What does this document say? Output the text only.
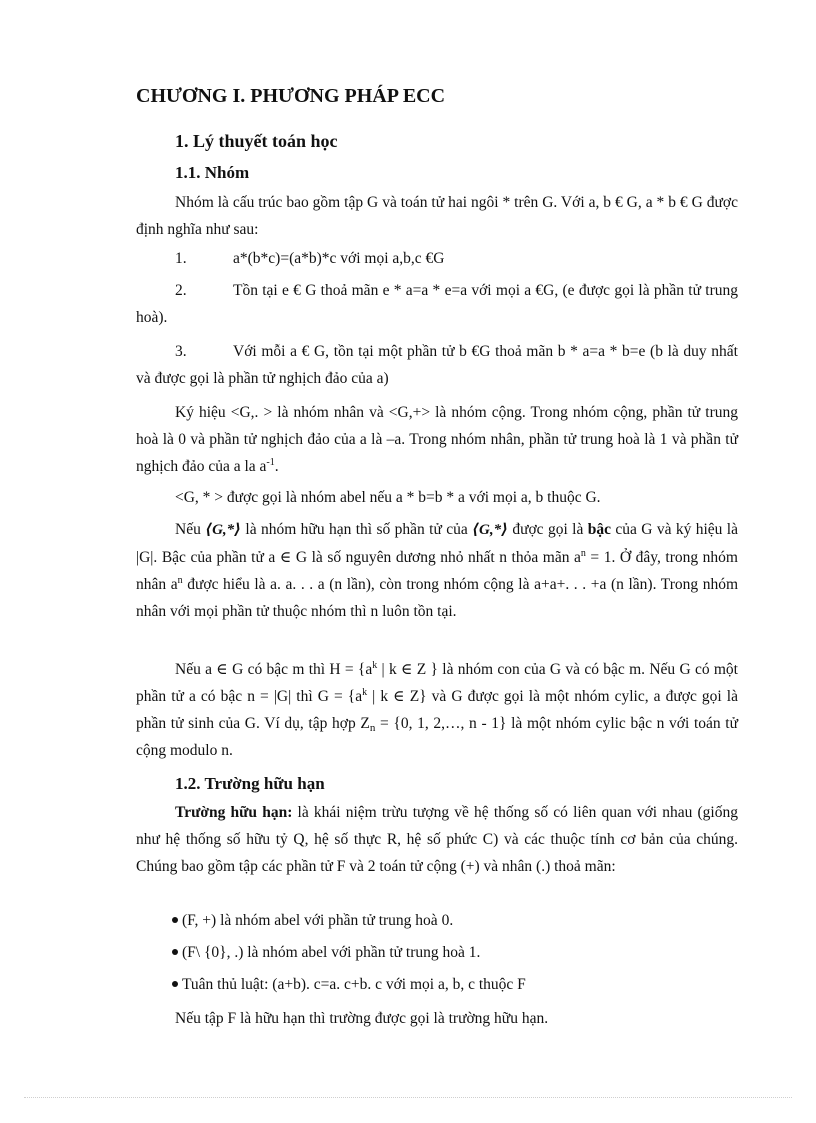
CHƯƠNG I. PHƯƠNG PHÁP ECC
1. Lý thuyết toán học
1.1. Nhóm

Nhóm là cấu trúc bao gồm tập G và toán tử hai ngôi * trên G. Với a, b € G, a * b € G được định nghĩa như sau:

1.	a*(b*c)=(a*b)*c với mọi a,b,c €G

2.	Tồn tại e € G thoả mãn e * a=a * e=a với mọi a €G, (e được gọi là phần tử trung hoà).

3.	Với mỗi a € G, tồn tại một phần tử b €G thoả mãn b * a=a * b=e (b là duy nhất và được gọi là phần tử nghịch đảo của a)

Ký hiệu <G,. > là nhóm nhân và <G,+> là nhóm cộng. Trong nhóm cộng, phần tử trung hoà là 0 và phần tử nghịch đảo của a là –a. Trong nhóm nhân, phần tử trung hoà là 1 và phần tử nghịch đảo của a la $a^{-1}$.

<G, * > được gọi là nhóm abel nếu a * b=b * a với mọi a, b thuộc G.

Nếu ⟨G,*⟩ là nhóm hữu hạn thì số phần tử của ⟨G,*⟩ được gọi là bậc của G và ký hiệu là |G|. Bậc của phần tử a ∈ G là số nguyên dương nhỏ nhất n thỏa mãn $a^n = 1$. Ở đây, trong nhóm nhân $a^n$ được hiểu là a. a. . . a (n lần), còn trong nhóm cộng là a+a+. . . +a (n lần). Trong nhóm nhân với mọi phần tử thuộc nhóm thì n luôn tồn tại.

Nếu a ∈ G có bậc m thì $H = \{a^k$ | k ∈ Z } là nhóm con của G và có bậc m. Nếu G có một phần tử a có bậc n = |G| thì $G = \{a^k$ | k ∈ Z} và G được gọi là một nhóm cylic, a được gọi là phần tử sinh của G. Ví dụ, tập hợp $Z_n = \{0$, 1, 2,…, n - 1} là một nhóm cylic bậc n với toán tử cộng modulo n.

1.2. Trường hữu hạn

Trường hữu hạn: là khái niệm trừu tượng về hệ thống số có liên quan với nhau (giống như hệ thống số hữu tỷ Q, hệ số thực R, hệ số phức C) và các thuộc tính cơ bản của chúng. Chúng bao gồm tập các phần tử F và 2 toán tử cộng (+) và nhân (.) thoả mãn:

(F, +) là nhóm abel với phần tử trung hoà 0.

(F\ {0}, .) là nhóm abel với phần tử trung hoà 1.

Tuân thủ luật: (a+b). c=a. c+b. c với mọi a, b, c thuộc F

Nếu tập F là hữu hạn thì trường được gọi là trường hữu hạn.
